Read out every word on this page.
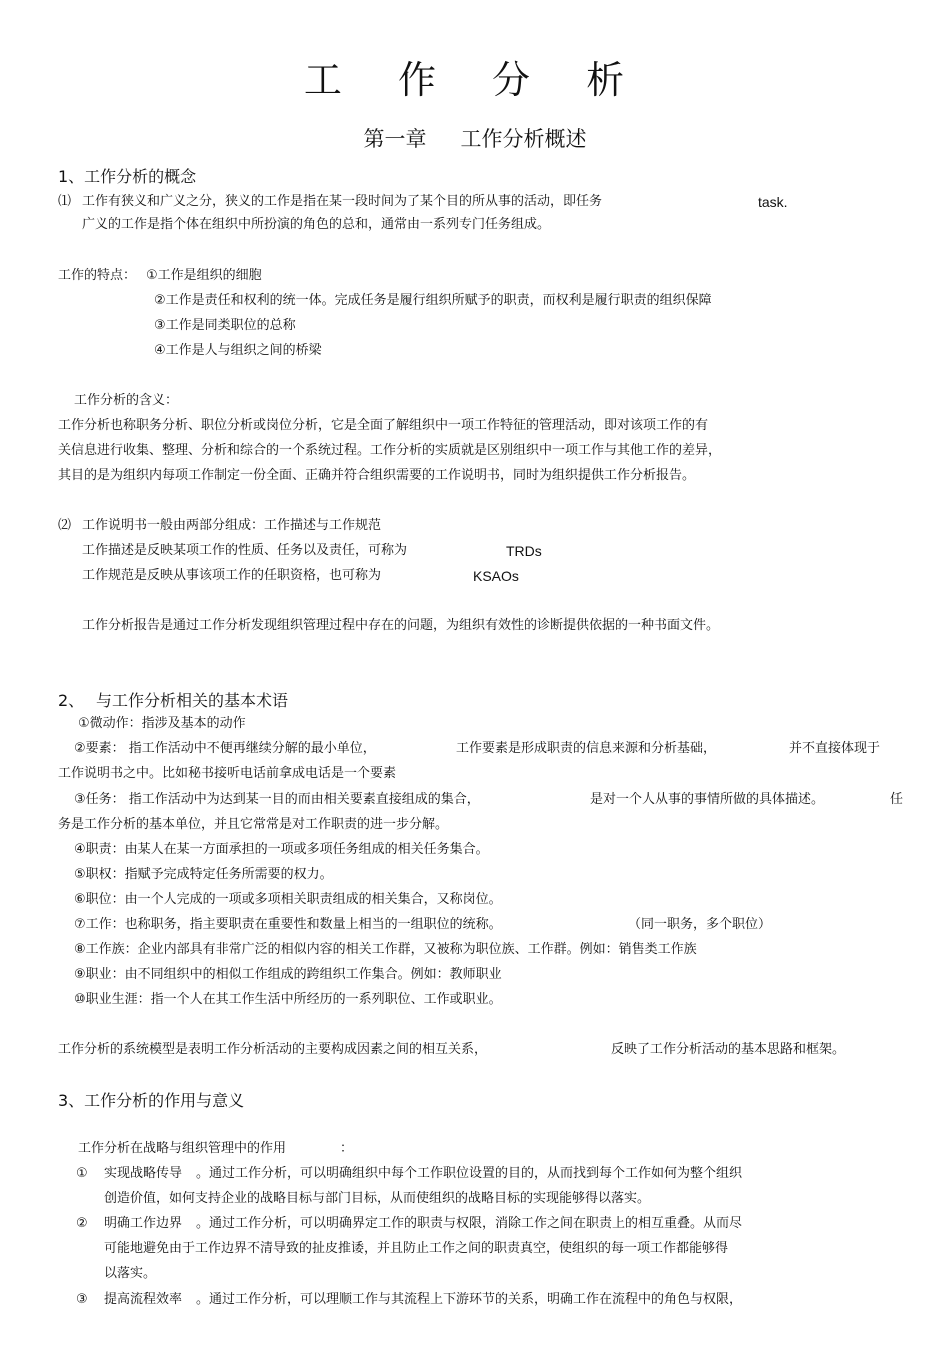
工 作 分 析
第一章 工作分析概述
1、工作分析的概念
⑴ 工作有狭义和广义之分，狭义的工作是指在某一段时间为了某个目的所从事的活动，即任务	task.
广义的工作是指个体在组织中所扮演的角色的总和，通常由一系列专门任务组成。
工作的特点： ①工作是组织的细胞
②工作是责任和权利的统一体。完成任务是履行组织所赋予的职责，而权利是履行职责的组织保障
③工作是同类职位的总称
④工作是人与组织之间的桥梁
工作分析的含义：
工作分析也称职务分析、职位分析或岗位分析，它是全面了解组织中一项工作特征的管理活动，即对该项工作的有
关信息进行收集、整理、分析和综合的一个系统过程。工作分析的实质就是区别组织中一项工作与其他工作的差异，
其目的是为组织内每项工作制定一份全面、正确并符合组织需要的工作说明书，同时为组织提供工作分析报告。
⑵ 工作说明书一般由两部分组成：工作描述与工作规范
工作描述是反映某项工作的性质、任务以及责任，可称为	TRDs
工作规范是反映从事该项工作的任职资格，也可称为	KSAOs
工作分析报告是通过工作分析发现组织管理过程中存在的问题，为组织有效性的诊断提供依据的一种书面文件。
2、 与工作分析相关的基本术语
①微动作：指涉及基本的动作
②要素： 指工作活动中不便再继续分解的最小单位，	工作要素是形成职责的信息来源和分析基础，	并不直接体现于
工作说明书之中。比如秘书接听电话前拿成电话是一个要素
③任务： 指工作活动中为达到某一目的而由相关要素直接组成的集合，	是对一个人从事的事情所做的具体描述。	任
务是工作分析的基本单位，并且它常常是对工作职责的进一步分解。
④职责：由某人在某一方面承担的一项或多项任务组成的相关任务集合。
⑤职权：指赋予完成特定任务所需要的权力。
⑥职位：由一个人完成的一项或多项相关职责组成的相关集合，又称岗位。
⑦工作：也称职务，指主要职责在重要性和数量上相当的一组职位的统称。	（同一职务，多个职位）
⑧工作族：企业内部具有非常广泛的相似内容的相关工作群，又被称为职位族、工作群。例如：销售类工作族
⑨职业：由不同组织中的相似工作组成的跨组织工作集合。例如：教师职业
⑩职业生涯：指一个人在其工作生活中所经历的一系列职位、工作或职业。
工作分析的系统模型是表明工作分析活动的主要构成因素之间的相互关系，	反映了工作分析活动的基本思路和框架。
3、工作分析的作用与意义
工作分析在战略与组织管理中的作用	：
① 实现战略传导 。通过工作分析，可以明确组织中每个工作职位设置的目的，从而找到每个工作如何为整个组织
创造价值，如何支持企业的战略目标与部门目标，从而使组织的战略目标的实现能够得以落实。
② 明确工作边界 。通过工作分析，可以明确界定工作的职责与权限，消除工作之间在职责上的相互重叠。从而尽
可能地避免由于工作边界不清导致的扯皮推诿，并且防止工作之间的职责真空，使组织的每一项工作都能够得
以落实。
③ 提高流程效率 。通过工作分析，可以理顺工作与其流程上下游环节的关系，明确工作在流程中的角色与权限，
